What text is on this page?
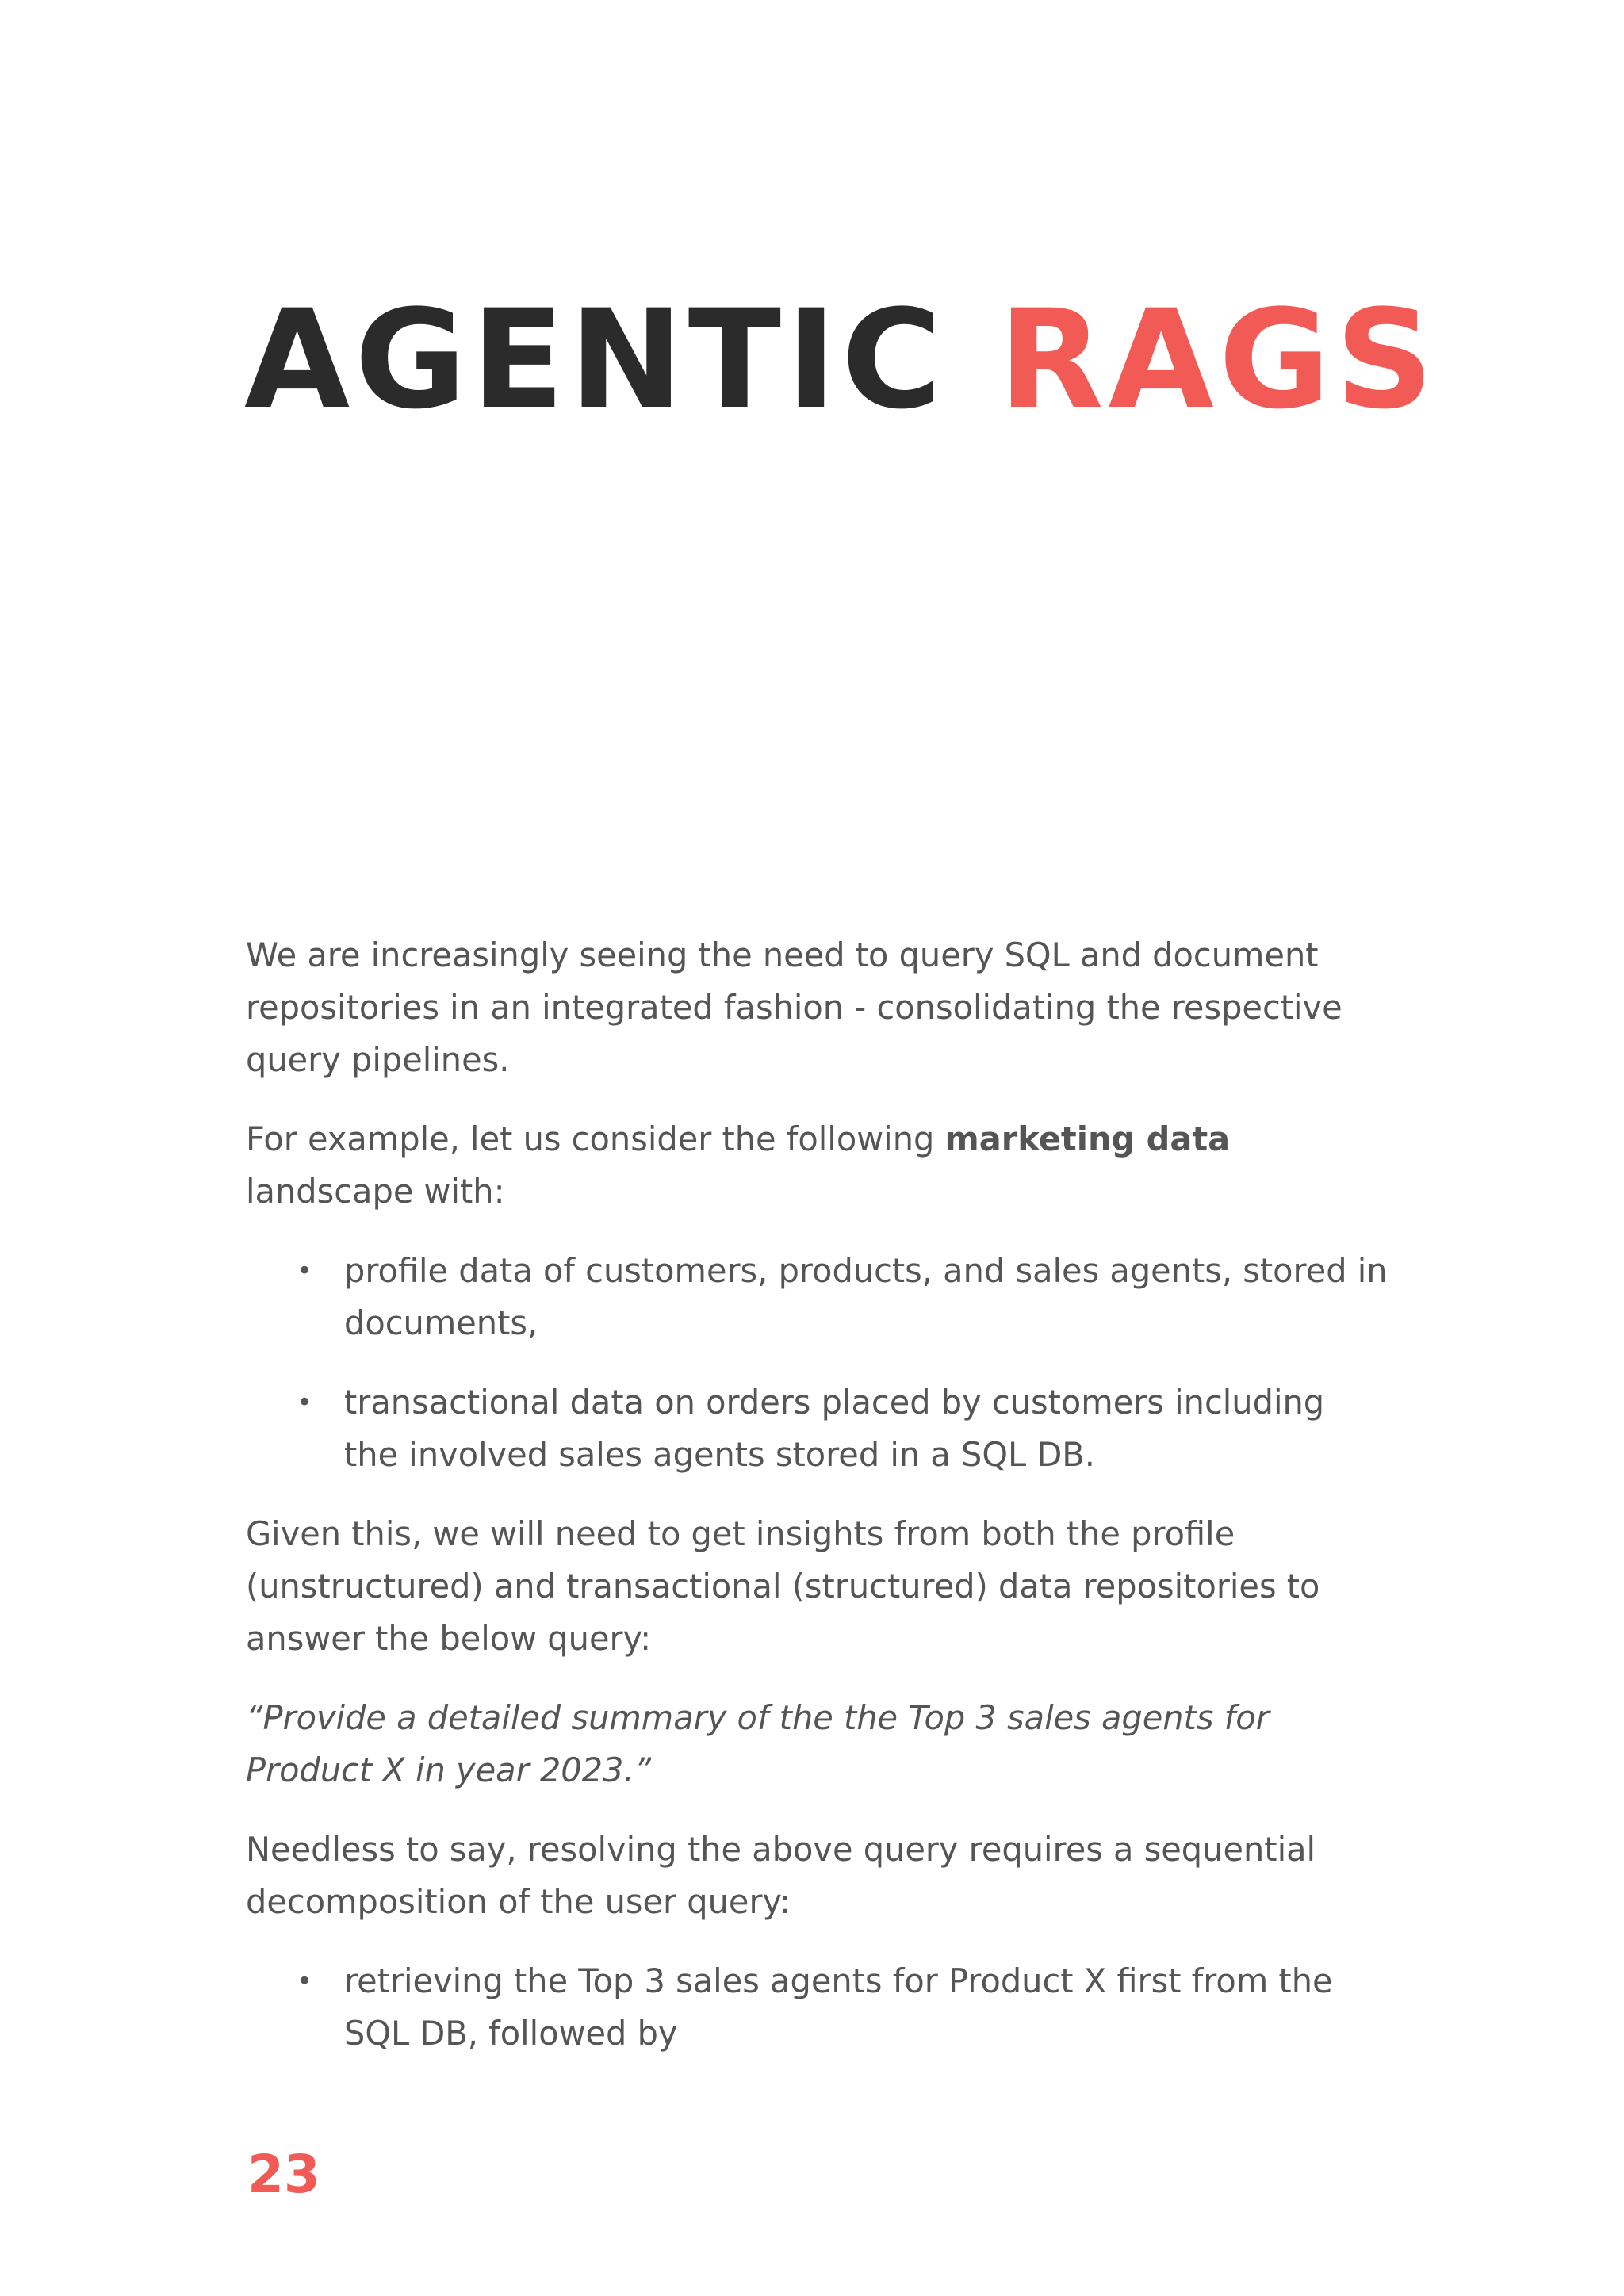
AGENTIC RAGS

We are increasingly seeing the need to query SQL and document repositories in an integrated fashion - consolidating the respective query pipelines.

For example, let us consider the following marketing data landscape with:

• profile data of customers, products, and sales agents, stored in documents,
• transactional data on orders placed by customers including the involved sales agents stored in a SQL DB.

Given this, we will need to get insights from both the profile (unstructured) and transactional (structured) data repositories to answer the below query:

“Provide a detailed summary of the the Top 3 sales agents for Product X in year 2023.”

Needless to say, resolving the above query requires a sequential decomposition of the user query:

• retrieving the Top 3 sales agents for Product X first from the SQL DB, followed by
23
